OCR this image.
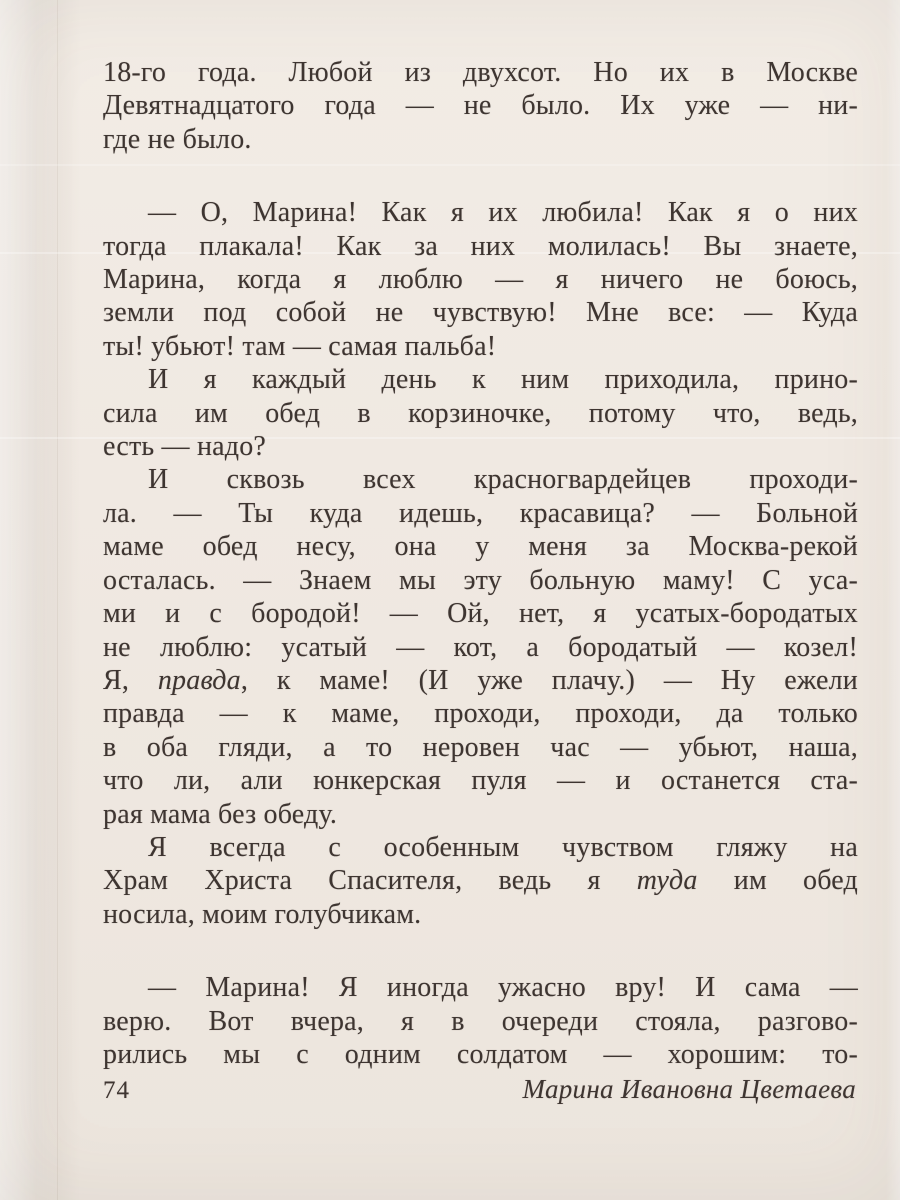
18-го года. Любой из двухсот. Но их в Москве
Девятнадцатого года — не было. Их уже — ни-
где не было.
— О, Марина! Как я их любила! Как я о них
тогда плакала! Как за них молилась! Вы знаете,
Марина, когда я люблю — я ничего не боюсь,
земли под собой не чувствую! Мне все: — Куда
ты! убьют! там — самая пальба!
И я каждый день к ним приходила, прино-
сила им обед в корзиночке, потому что, ведь,
есть — надо?
И сквозь всех красногвардейцев проходи-
ла. — Ты куда идешь, красавица? — Больной
маме обед несу, она у меня за Москва-рекой
осталась. — Знаем мы эту больную маму! С уса-
ми и с бородой! — Ой, нет, я усатых-бородатых
не люблю: усатый — кот, а бородатый — козел!
Я, правда, к маме! (И уже плачу.) — Ну ежели
правда — к маме, проходи, проходи, да только
в оба гляди, а то неровен час — убьют, наша,
что ли, али юнкерская пуля — и останется ста-
рая мама без обеду.
Я всегда с особенным чувством гляжу на
Храм Христа Спасителя, ведь я туда им обед
носила, моим голубчикам.
— Марина! Я иногда ужасно вру! И сама —
верю. Вот вчера, я в очереди стояла, разгово-
рились мы с одним солдатом — хорошим: то-
74	Марина Ивановна Цветаева
